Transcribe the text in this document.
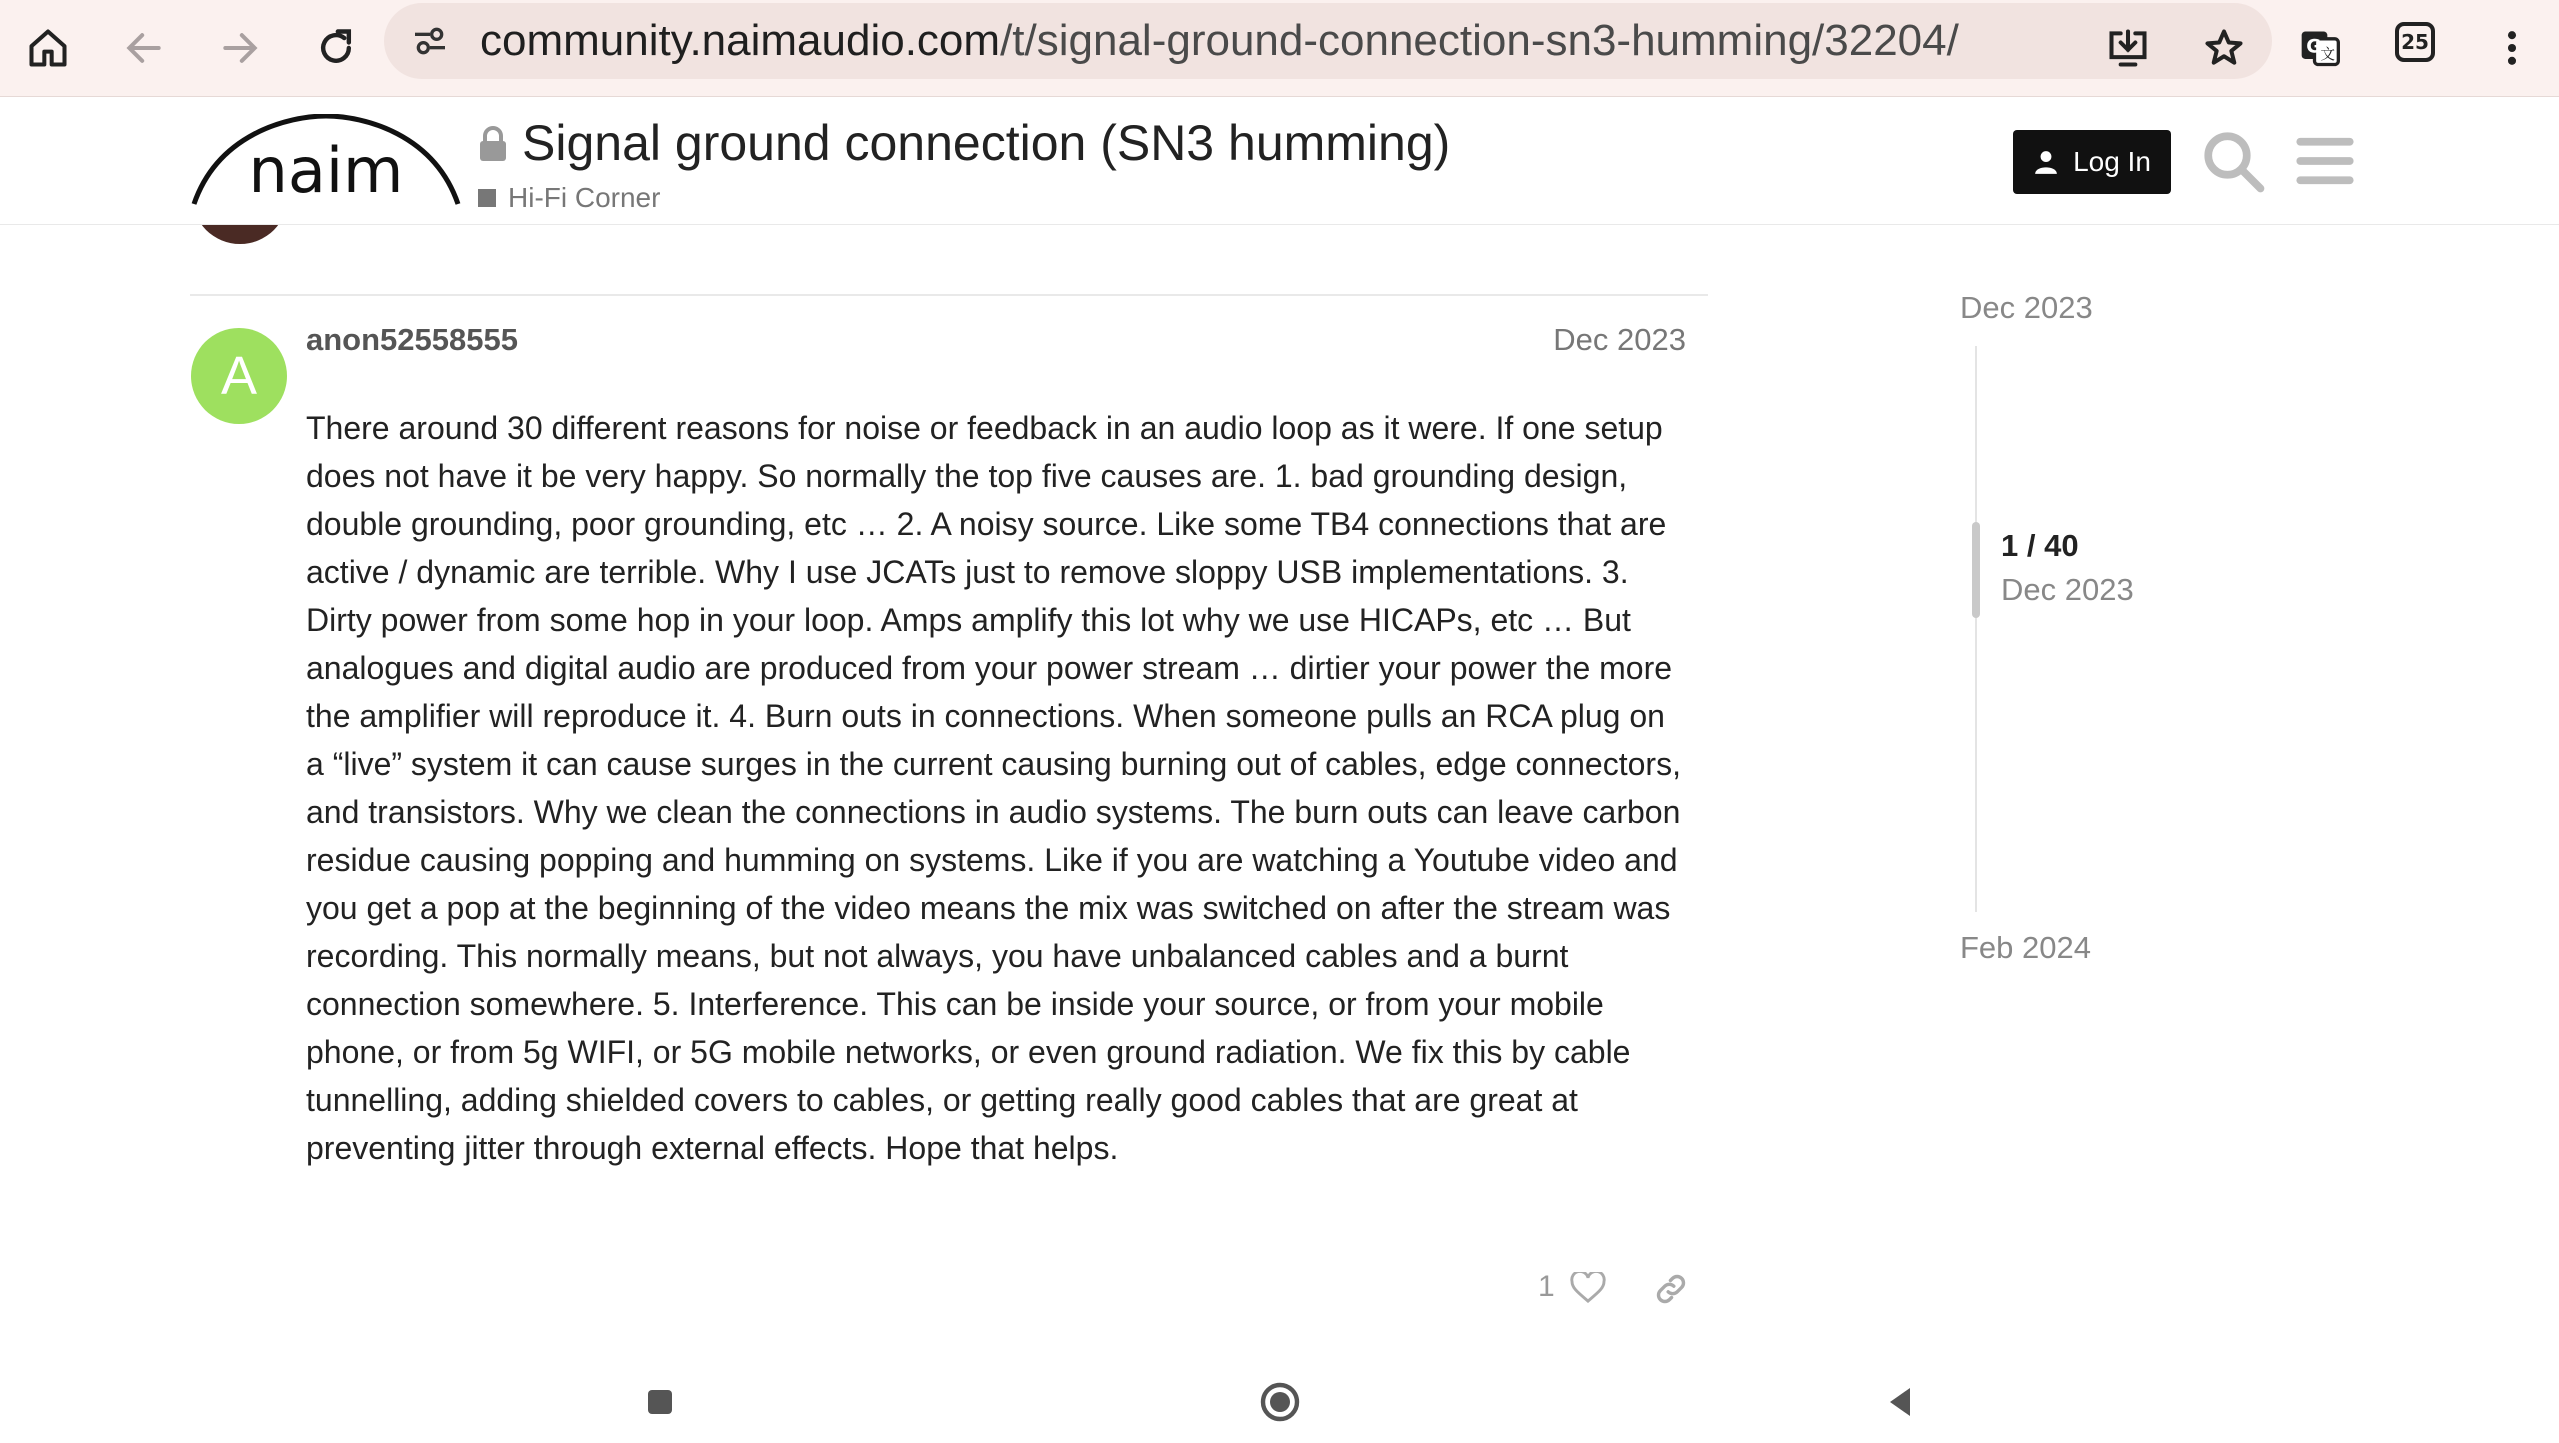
community.naimaudio.com/t/signal-ground-connection-sn3-humming/32204/	G 文
25
naim Signal ground connection (SN3 humming)
Hi-Fi Corner
Log In
A
anon52558555	Dec 2023
There around 30 different reasons for noise or feedback in an audio loop as it were. If one setup does not have it be very happy. So normally the top five causes are. 1. bad grounding design, double grounding, poor grounding, etc … 2. A noisy source. Like some TB4 connections that are active / dynamic are terrible. Why I use JCATs just to remove sloppy USB implementations. 3. Dirty power from some hop in your loop. Amps amplify this lot why we use HICAPs, etc … But analogues and digital audio are produced from your power stream … dirtier your power the more the amplifier will reproduce it. 4. Burn outs in connections. When someone pulls an RCA plug on a “live” system it can cause surges in the current causing burning out of cables, edge connectors, and transistors. Why we clean the connections in audio systems. The burn outs can leave carbon residue causing popping and humming on systems. Like if you are watching a Youtube video and you get a pop at the beginning of the video means the mix was switched on after the stream was recording. This normally means, but not always, you have unbalanced cables and a burnt connection somewhere. 5. Interference. This can be inside your source, or from your mobile phone, or from 5g WIFI, or 5G mobile networks, or even ground radiation. We fix this by cable tunnelling, adding shielded covers to cables, or getting really good cables that are great at preventing jitter through external effects. Hope that helps.
1
Dec 2023
1 / 40
Dec 2023
Feb 2024
